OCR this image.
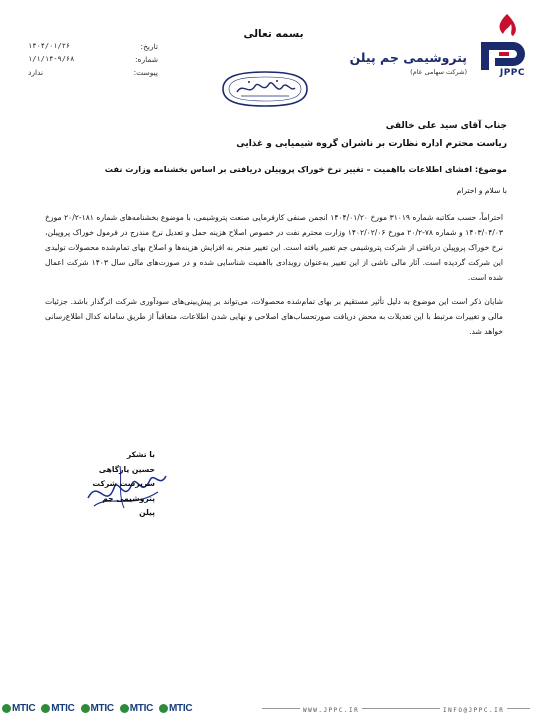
بسمه تعالی
JPPC
پتروشیمی جم پیلن
(شرکت سهامی عام)
تاریخ:
۱۴۰۴/۰۱/۲۶
شماره:
۱/۱/۱۴-۹/۶۸
پیوست:
ندارد
جناب آقای سید علی خالقی
ریاست محترم اداره نظارت بر ناشران گروه شیمیایی و غذایی
موضوع: افشای اطلاعات بااهمیت – تغییر نرخ خوراک پروپیلن دریافتی بر اساس بخشنامه وزارت نفت
با سلام و احترام

احتراماً، حسب مکاتبه شماره ۳۱۰۱۹ مورخ ۱۴۰۴/۰۱/۲۰ انجمن صنفی کارفرمایی صنعت پتروشیمی، با موضوع بخشنامه‌های شماره ۱۸۱-۲۰/۲ مورخ ۱۴۰۳/۰۴/۰۳ و شماره ۷۸-۲۰/۲ مورخ ۱۴۰۲/۰۲/۰۶ وزارت محترم نفت در خصوص اصلاح هزینه حمل و تعدیل نرخ مندرج در فرمول خوراک پروپیلن، نرخ خوراک پروپیلن دریافتی از شرکت پتروشیمی جم تغییر یافته است. این تغییر منجر به افزایش هزینه‌ها و اصلاح بهای تمام‌شده محصولات تولیدی این شرکت گردیده است. آثار مالی ناشی از این تغییر به‌عنوان رویدادی بااهمیت شناسایی شده و در صورت‌های مالی سال ۱۴۰۳ شرکت اعمال شده است.

شایان ذکر است این موضوع به دلیل تأثیر مستقیم بر بهای تمام‌شده محصولات، می‌تواند بر پیش‌بینی‌های سودآوری شرکت اثرگذار باشد. جزئیات مالی و تغییرات مرتبط با این تعدیلات به محض دریافت صورتحساب‌های اصلاحی و نهایی شدن اطلاعات، متعاقباً از طریق سامانه کدال اطلاع‌رسانی خواهد شد.

با تشکر
حسین یارگاهی
سرپرست شرکت
پتروشیمی جم پیلن
MTIC MTIC MTIC MTIC MTIC	WWW.JPPC.IR	INFO@JPPC.IR
